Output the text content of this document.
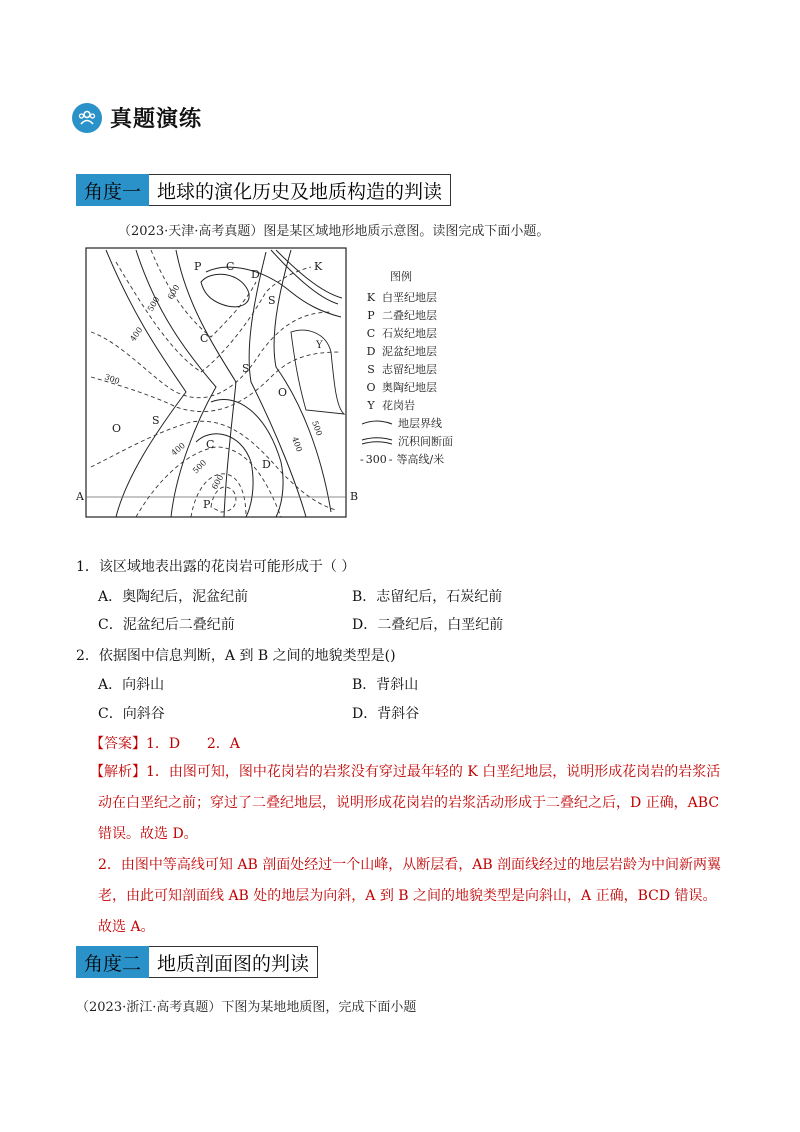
真题演练
角度一 地球的演化历史及地质构造的判读
（2023·天津·高考真题）图是某区域地形地质示意图。读图完成下面小题。
P C
D
K
S
C
S
O
O
S
C
D
P
Y
600
500
400
300
400
500
600
400
500
A	B
图例
K 白垩纪地层
P 二叠纪地层
C 石炭纪地层
D 泥盆纪地层
S 志留纪地层
O 奥陶纪地层
Y 花岗岩
地层界线
沉积间断面
- 300 - 等高线/米
1．该区域地表出露的花岗岩可能形成于（ ）
A．奥陶纪后，泥盆纪前	B．志留纪后，石炭纪前
C．泥盆纪后二叠纪前	D．二叠纪后，白垩纪前
2．依据图中信息判断，A 到 B 之间的地貌类型是()
A．向斜山	B．背斜山
C．向斜谷	D．背斜谷
【答案】1．D      2．A
【解析】1．由图可知，图中花岗岩的岩浆没有穿过最年轻的 K 白垩纪地层，说明形成花岗岩的岩浆活动在白垩纪之前；穿过了二叠纪地层，说明形成花岗岩的岩浆活动形成于二叠纪之后，D 正确，ABC 错误。故选 D。
2．由图中等高线可知 AB 剖面处经过一个山峰，从断层看，AB 剖面线经过的地层岩龄为中间新两翼老，由此可知剖面线 AB 处的地层为向斜，A 到 B 之间的地貌类型是向斜山，A 正确，BCD 错误。故选 A。
角度二 地质剖面图的判读
（2023·浙江·高考真题）下图为某地地质图，完成下面小题
